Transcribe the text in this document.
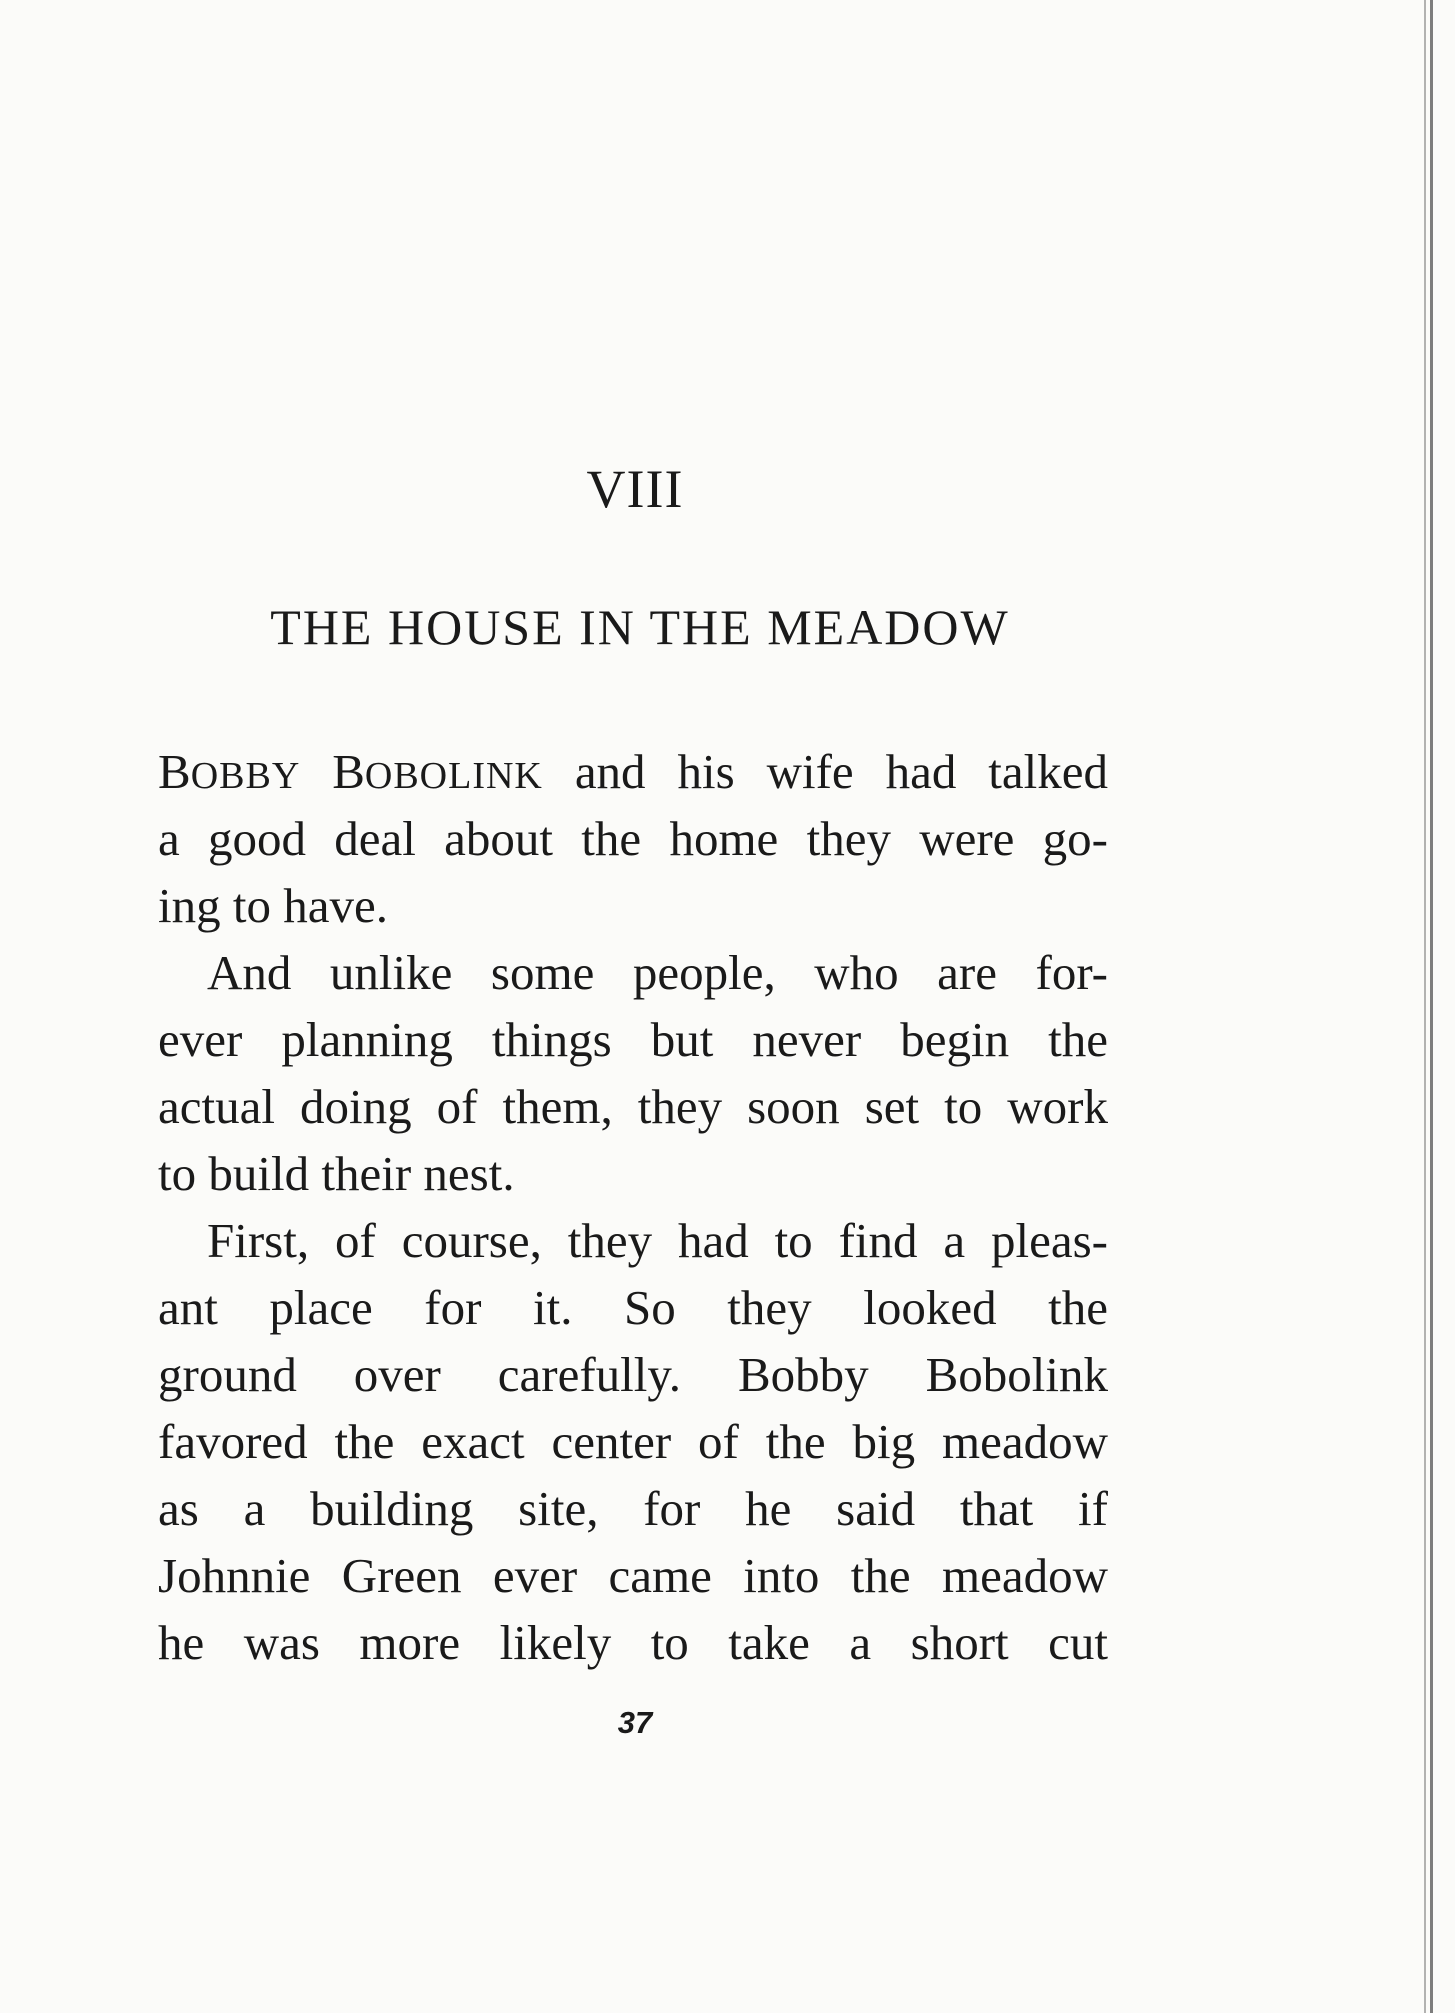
VIII
THE HOUSE IN THE MEADOW
BOBBY BOBOLINK and his wife had talked
a good deal about the home they were go-
ing to have.
And unlike some people, who are for-
ever planning things but never begin the
actual doing of them, they soon set to work
to build their nest.
First, of course, they had to find a pleas-
ant place for it. So they looked the
ground over carefully. Bobby Bobolink
favored the exact center of the big meadow
as a building site, for he said that if
Johnnie Green ever came into the meadow
he was more likely to take a short cut
37
